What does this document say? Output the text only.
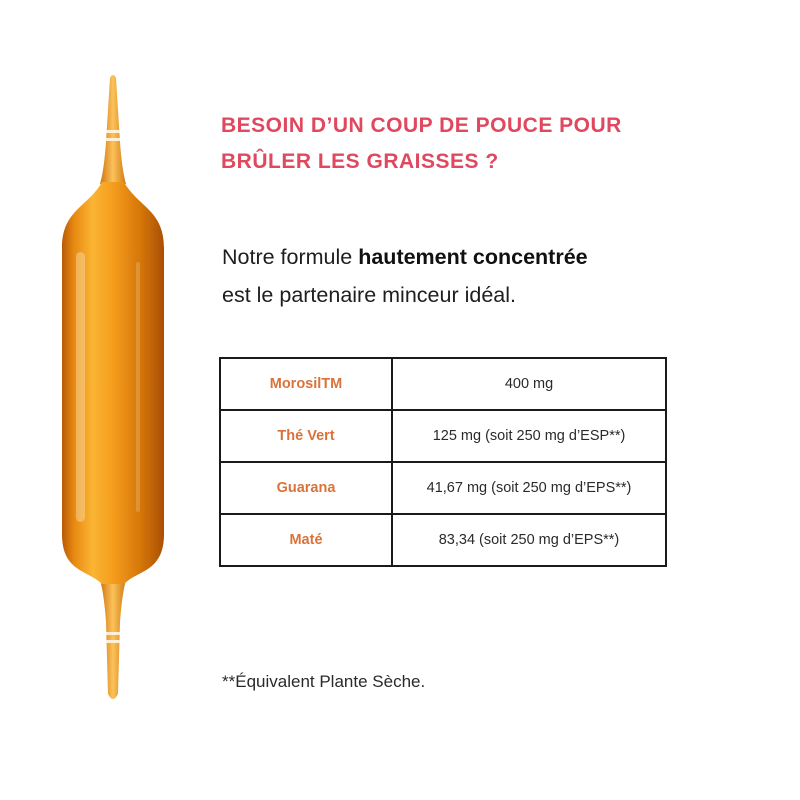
BESOIN D’UN COUP DE POUCE POUR
BRÛLER LES GRAISSES ?

Notre formule hautement concentrée
est le partenaire minceur idéal.

MorosilTM	400 mg
Thé Vert	125 mg (soit 250 mg d’ESP**)
Guarana	41,67 mg (soit 250 mg d’EPS**)
Maté	83,34 (soit 250 mg d’EPS**)

**Équivalent Plante Sèche.
